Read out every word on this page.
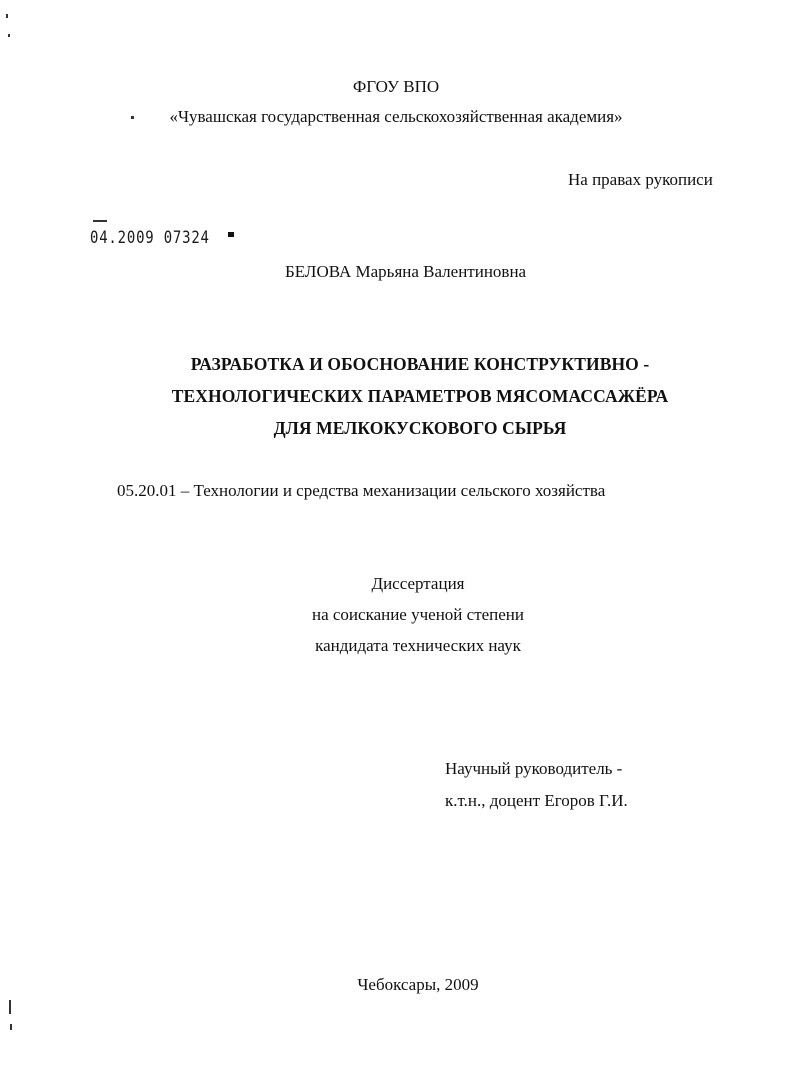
ФГОУ ВПО
«Чувашская государственная сельскохозяйственная академия»
На правах рукописи
04.2009 07324
БЕЛОВА Марьяна Валентиновна
РАЗРАБОТКА И ОБОСНОВАНИЕ КОНСТРУКТИВНО -
ТЕХНОЛОГИЧЕСКИХ ПАРАМЕТРОВ МЯСОМАССАЖЁРА
ДЛЯ МЕЛКОКУСКОВОГО СЫРЬЯ
05.20.01 – Технологии и средства механизации сельского хозяйства
Диссертация
на соискание ученой степени
кандидата технических наук
Научный руководитель -
к.т.н., доцент Егоров Г.И.
Чебоксары, 2009
